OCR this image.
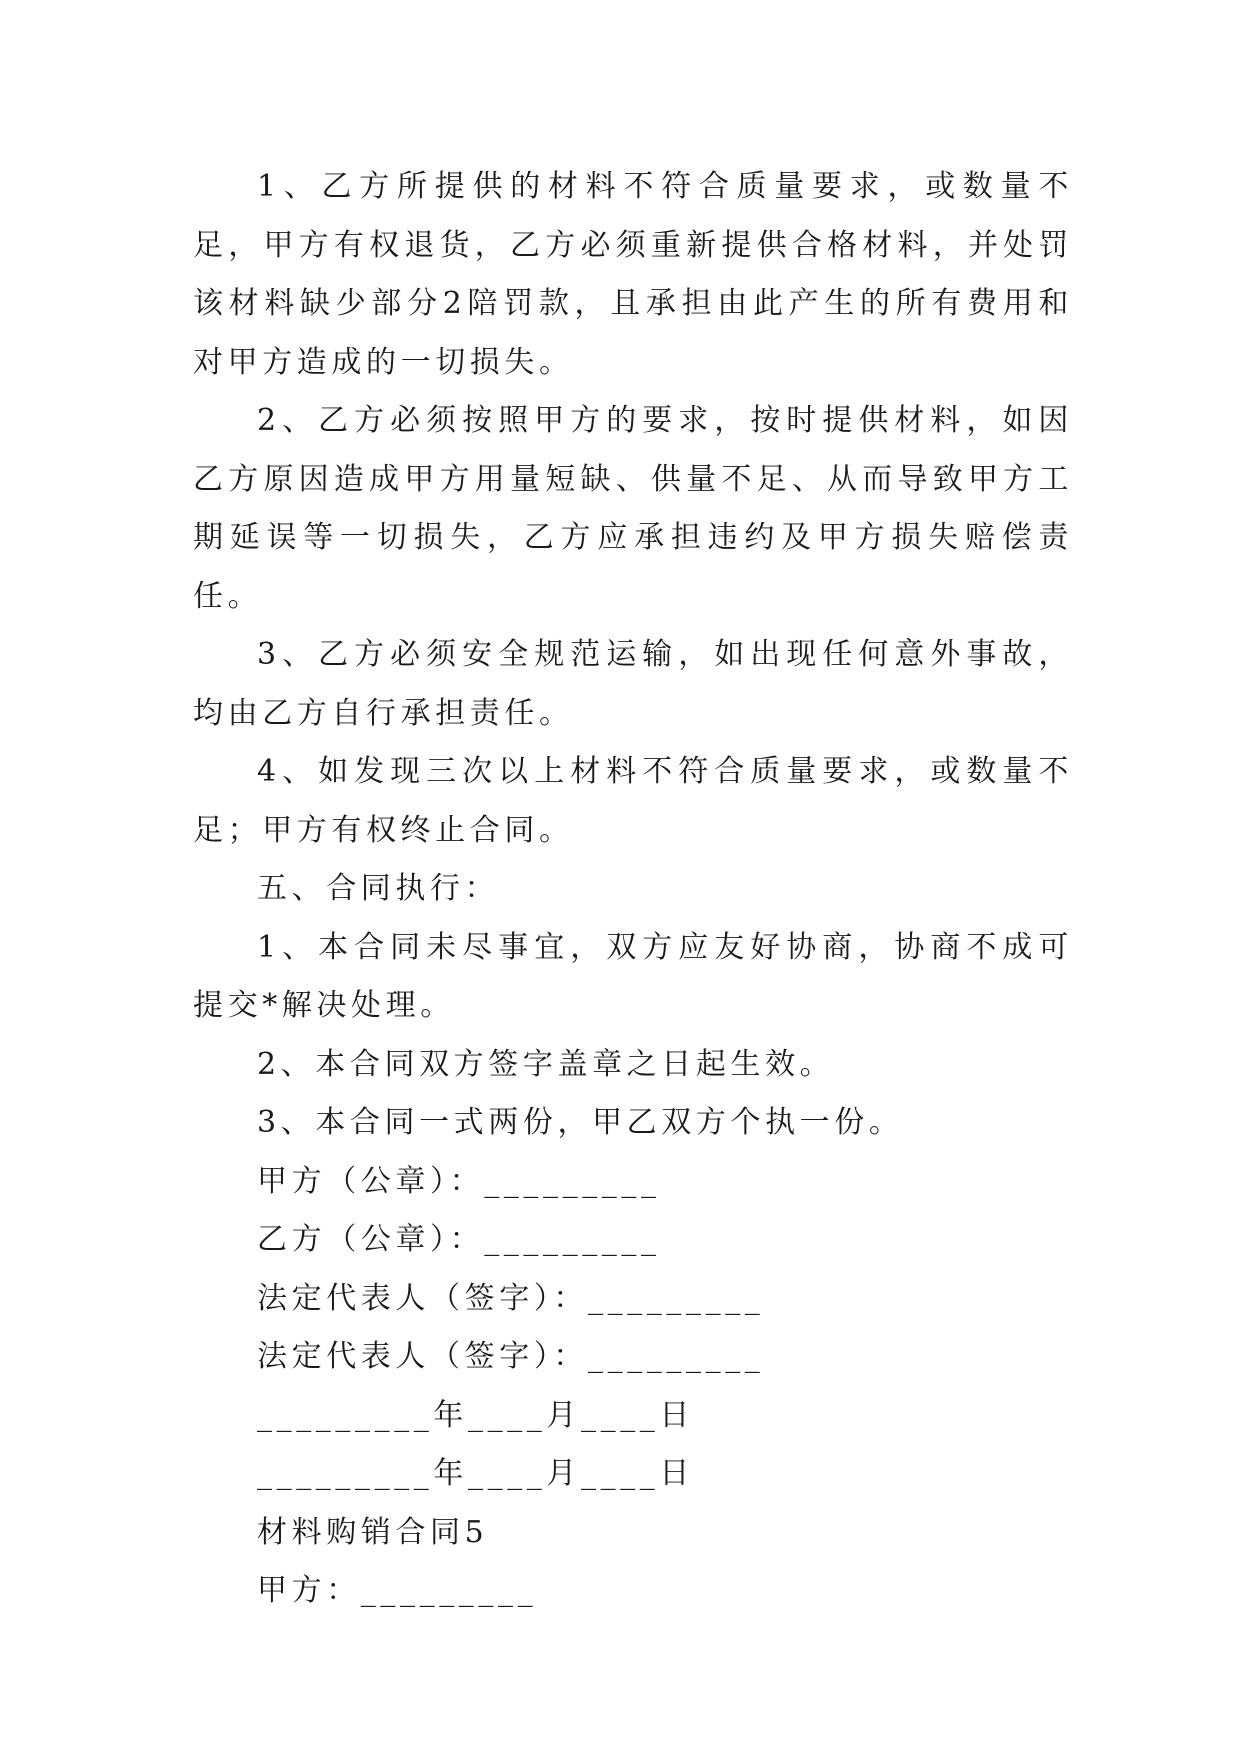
1、乙方所提供的材料不符合质量要求，或数量不足，甲方有权退货，乙方必须重新提供合格材料，并处罚该材料缺少部分2陪罚款，且承担由此产生的所有费用和对甲方造成的一切损失。

2、乙方必须按照甲方的要求，按时提供材料，如因乙方原因造成甲方用量短缺、供量不足、从而导致甲方工期延误等一切损失，乙方应承担违约及甲方损失赔偿责任。

3、乙方必须安全规范运输，如出现任何意外事故，均由乙方自行承担责任。

4、如发现三次以上材料不符合质量要求，或数量不足；甲方有权终止合同。

五、合同执行：

1、本合同未尽事宜，双方应友好协商，协商不成可提交*解决处理。

2、本合同双方签字盖章之日起生效。

3、本合同一式两份，甲乙双方个执一份。

甲方（公章）：_________

乙方（公章）：_________

法定代表人（签字）：_________

法定代表人（签字）：_________

_________年____月____日

_________年____月____日

材料购销合同5

甲方：_________
